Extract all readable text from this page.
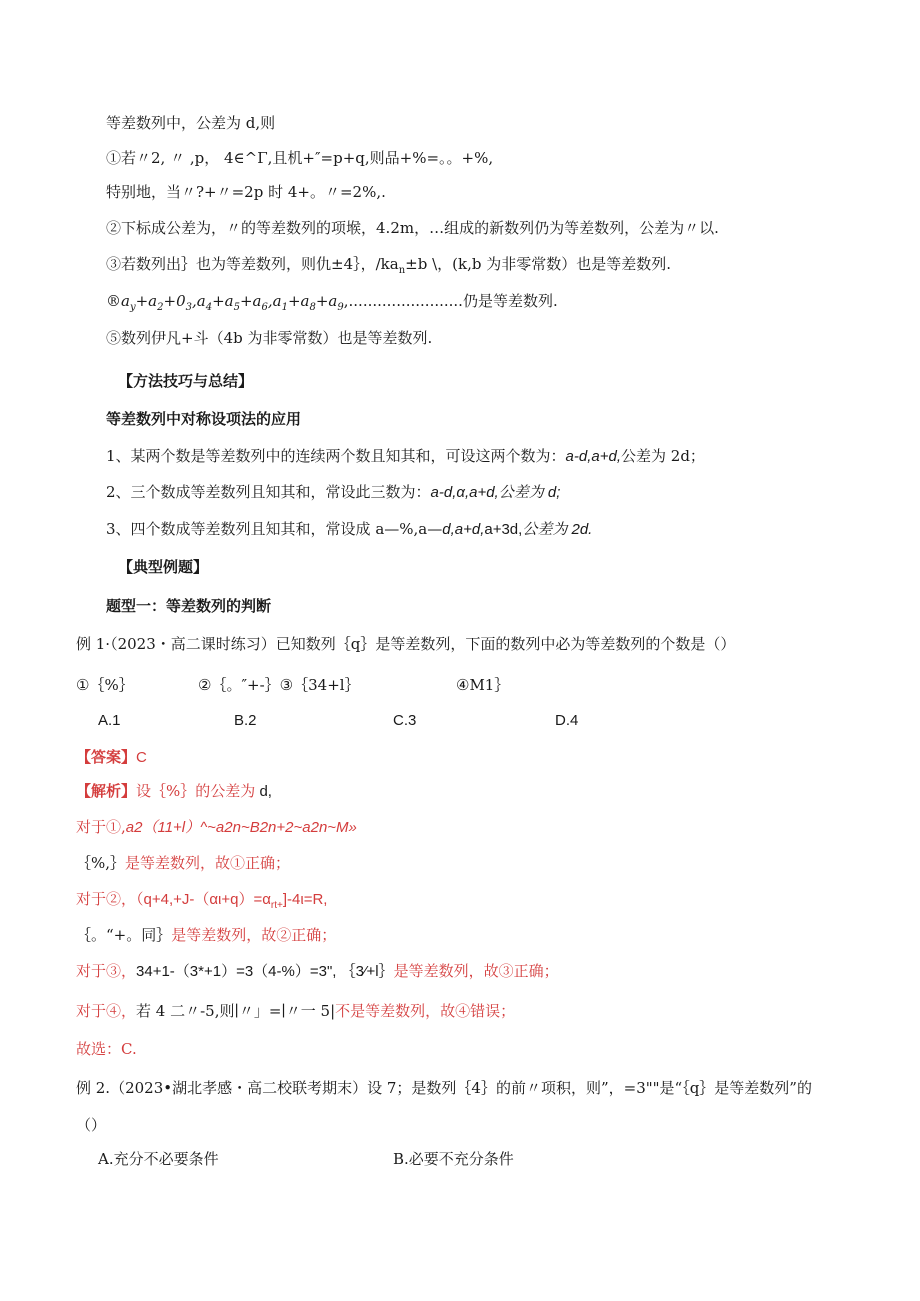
等差数列中，公差为 d,则
①若〃2, 〃 ,p， 4∈^Γ,且机+″=p+q,则品+%=。。+%,
特别地，当〃?+〃=2p 时 4+。〃=2%,.
②下标成公差为，〃的等差数列的项堠，4.2m，…组成的新数列仍为等差数列，公差为〃以.
③若数列出｝也为等差数列，则仇±4｝，$/ka_n\pm b$ \，(k,b 为非零常数）也是等差数列.
$®a_y+a_2+0_3,a_4+a_5+a_6,a_1+a_8+a_9$,........................仍是等差数列.
⑤数列伊凡+斗（4b 为非零常数）也是等差数列.
【方法技巧与总结】
等差数列中对称设项法的应用
1、某两个数是等差数列中的连续两个数且知其和，可设这两个数为：a-d,a+d,公差为 2d；
2、三个数成等差数列且知其和，常设此三数为：a-d,α,a+d,公差为 d;
3、四个数成等差数列且知其和，常设成 a—%,a—d,a+d,a+3d,公差为 2d.
【典型例题】
题型一：等差数列的判断
例 1·（2023・高二课时练习）已知数列｛q｝是等差数列，下面的数列中必为等差数列的个数是（）
①｛%｝	②｛。″+-｝③｛34+l｝	④M1｝
A.1	B.2	C.3	D.4
【答案】C
【解析】设｛%｝的公差为 d,
对于①,a2（11+l）^~a2n~B2n+2~a2n~M»
｛%,｝是等差数列，故①正确；
对于②，$(q+4,+J-(\alpha\iota+q)=\alpha_{rt+}]-4\iota=R$,
｛。“+。同｝是等差数列，故②正确；
对于③，34+1-（3*+1）=3（4-%）=3", ｛3⁄+l｝是等差数列，故③正确；
对于④，若 4 二〃-5,则∣〃」=∣〃一 5|不是等差数列，故④错误；
故选：C.
例 2.（2023•湖北孝感・高二校联考期末）设 7；是数列｛4｝的前〃项积，则”，=3""是“｛q｝是等差数列”的
（）
A.充分不必要条件	B.必要不充分条件
